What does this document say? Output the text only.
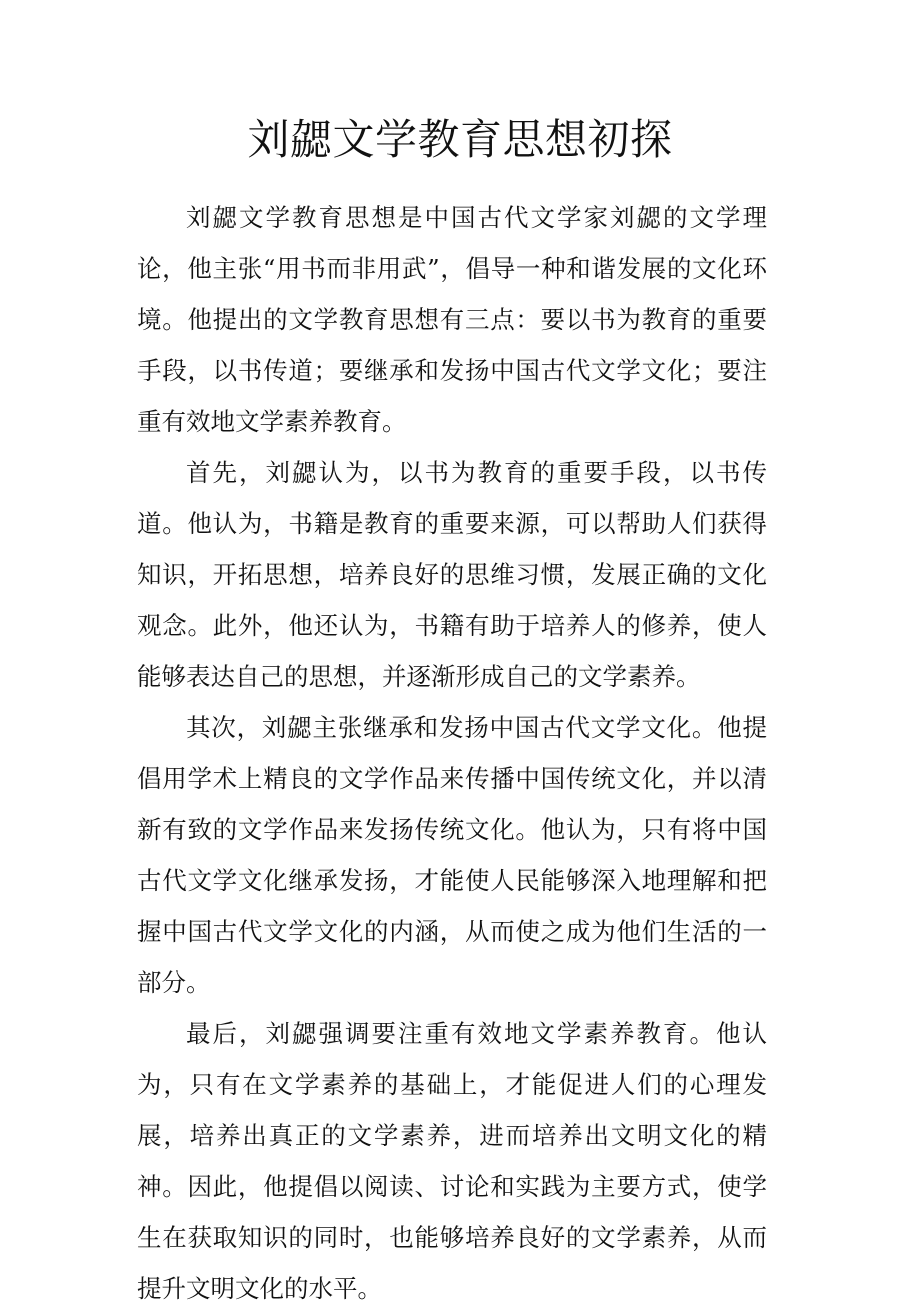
刘勰文学教育思想初探

刘勰文学教育思想是中国古代文学家刘勰的文学理论，他主张“用书而非用武”，倡导一种和谐发展的文化环境。他提出的文学教育思想有三点：要以书为教育的重要手段，以书传道；要继承和发扬中国古代文学文化；要注重有效地文学素养教育。

首先，刘勰认为，以书为教育的重要手段，以书传道。他认为，书籍是教育的重要来源，可以帮助人们获得知识，开拓思想，培养良好的思维习惯，发展正确的文化观念。此外，他还认为，书籍有助于培养人的修养，使人能够表达自己的思想，并逐渐形成自己的文学素养。

其次，刘勰主张继承和发扬中国古代文学文化。他提倡用学术上精良的文学作品来传播中国传统文化，并以清新有致的文学作品来发扬传统文化。他认为，只有将中国古代文学文化继承发扬，才能使人民能够深入地理解和把握中国古代文学文化的内涵，从而使之成为他们生活的一部分。

最后，刘勰强调要注重有效地文学素养教育。他认为，只有在文学素养的基础上，才能促进人们的心理发展，培养出真正的文学素养，进而培养出文明文化的精神。因此，他提倡以阅读、讨论和实践为主要方式，使学生在获取知识的同时，也能够培养良好的文学素养，从而提升文明文化的水平。
